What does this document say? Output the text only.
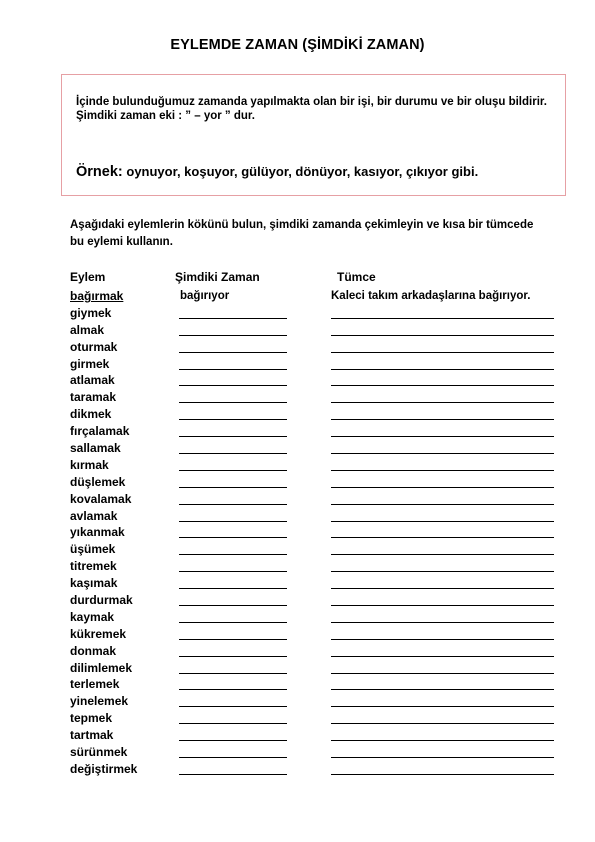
EYLEMDE ZAMAN (ŞİMDİKİ ZAMAN)

İçinde bulunduğumuz zamanda yapılmakta olan bir işi, bir durumu ve bir oluşu bildirir.

Şimdiki zaman eki : ” – yor ” dur.

Örnek: oynuyor, koşuyor, gülüyor, dönüyor, kasıyor, çıkıyor gibi.
Aşağıdaki eylemlerin kökünü bulun, şimdiki zamanda çekimleyin ve kısa bir tümcede bu eylemi kullanın.
Eylem	Şimdiki Zaman	Tümce
bağırmak	bağırıyor	Kaleci takım arkadaşlarına bağırıyor.
giymek
almak
oturmak
girmek
atlamak
taramak
dikmek
fırçalamak
sallamak
kırmak
düşlemek
kovalamak
avlamak
yıkanmak
üşümek
titremek
kaşımak
durdurmak
kaymak
kükremek
donmak
dilimlemek
terlemek
yinelemek
tepmek
tartmak
sürünmek
değiştirmek
